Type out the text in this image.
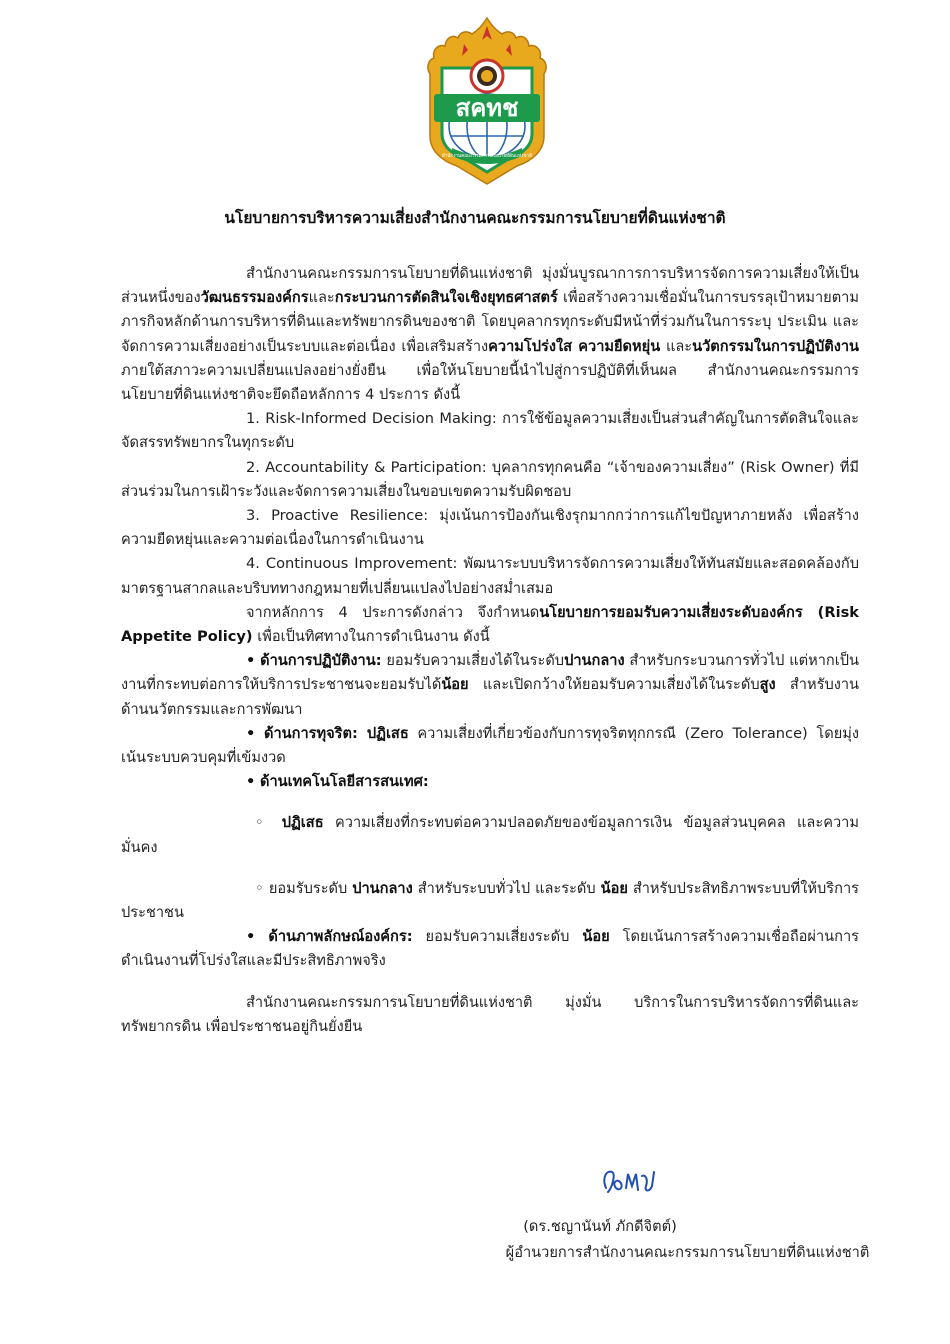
สคทช
สำนักงานคณะกรรมการนโยบายที่ดินแห่งชาติ
นโยบายการบริหารความเสี่ยงสำนักงานคณะกรรมการนโยบายที่ดินแห่งชาติ

สำนักงานคณะกรรมการนโยบายที่ดินแห่งชาติ มุ่งมั่นบูรณาการการบริหารจัดการความเสี่ยงให้เป็นส่วนหนึ่งของวัฒนธรรมองค์กรและกระบวนการตัดสินใจเชิงยุทธศาสตร์ เพื่อสร้างความเชื่อมั่นในการบรรลุเป้าหมายตามภารกิจหลักด้านการบริหารที่ดินและทรัพยากรดินของชาติ โดยบุคลากรทุกระดับมีหน้าที่ร่วมกันในการระบุ ประเมิน และจัดการความเสี่ยงอย่างเป็นระบบและต่อเนื่อง เพื่อเสริมสร้างความโปร่งใส ความยืดหยุ่น และนวัตกรรมในการปฏิบัติงาน ภายใต้สภาวะความเปลี่ยนแปลงอย่างยั่งยืน เพื่อให้นโยบายนี้นำไปสู่การปฏิบัติที่เห็นผล สำนักงานคณะกรรมการนโยบายที่ดินแห่งชาติจะยึดถือหลักการ 4 ประการ ดังนี้

1. Risk-Informed Decision Making: การใช้ข้อมูลความเสี่ยงเป็นส่วนสำคัญในการตัดสินใจและจัดสรรทรัพยากรในทุกระดับ

2. Accountability & Participation: บุคลากรทุกคนคือ “เจ้าของความเสี่ยง” (Risk Owner) ที่มีส่วนร่วมในการเฝ้าระวังและจัดการความเสี่ยงในขอบเขตความรับผิดชอบ

3. Proactive Resilience: มุ่งเน้นการป้องกันเชิงรุกมากกว่าการแก้ไขปัญหาภายหลัง เพื่อสร้างความยืดหยุ่นและความต่อเนื่องในการดำเนินงาน

4. Continuous Improvement: พัฒนาระบบบริหารจัดการความเสี่ยงให้ทันสมัยและสอดคล้องกับมาตรฐานสากลและบริบททางกฎหมายที่เปลี่ยนแปลงไปอย่างสม่ำเสมอ

จากหลักการ 4 ประการดังกล่าว จึงกำหนดนโยบายการยอมรับความเสี่ยงระดับองค์กร (Risk Appetite Policy) เพื่อเป็นทิศทางในการดำเนินงาน ดังนี้

• ด้านการปฏิบัติงาน: ยอมรับความเสี่ยงได้ในระดับปานกลาง สำหรับกระบวนการทั่วไป แต่หากเป็นงานที่กระทบต่อการให้บริการประชาชนจะยอมรับได้น้อย และเปิดกว้างให้ยอมรับความเสี่ยงได้ในระดับสูง สำหรับงานด้านนวัตกรรมและการพัฒนา

• ด้านการทุจริต: ปฏิเสธ ความเสี่ยงที่เกี่ยวข้องกับการทุจริตทุกกรณี (Zero Tolerance) โดยมุ่งเน้นระบบควบคุมที่เข้มงวด

• ด้านเทคโนโลยีสารสนเทศ:

◦ ปฏิเสธ ความเสี่ยงที่กระทบต่อความปลอดภัยของข้อมูลการเงิน ข้อมูลส่วนบุคคล และความมั่นคง

◦ ยอมรับระดับ ปานกลาง สำหรับระบบทั่วไป และระดับ น้อย สำหรับประสิทธิภาพระบบที่ให้บริการประชาชน

• ด้านภาพลักษณ์องค์กร: ยอมรับความเสี่ยงระดับ น้อย โดยเน้นการสร้างความเชื่อถือผ่านการดำเนินงานที่โปร่งใสและมีประสิทธิภาพจริง

สำนักงานคณะกรรมการนโยบายที่ดินแห่งชาติ มุ่งมั่น บริการในการบริหารจัดการที่ดินและทรัพยากรดิน เพื่อประชาชนอยู่กินยั่งยืน

(ดร.ชญานันท์ ภักดีจิตต์)
ผู้อำนวยการสำนักงานคณะกรรมการนโยบายที่ดินแห่งชาติ
